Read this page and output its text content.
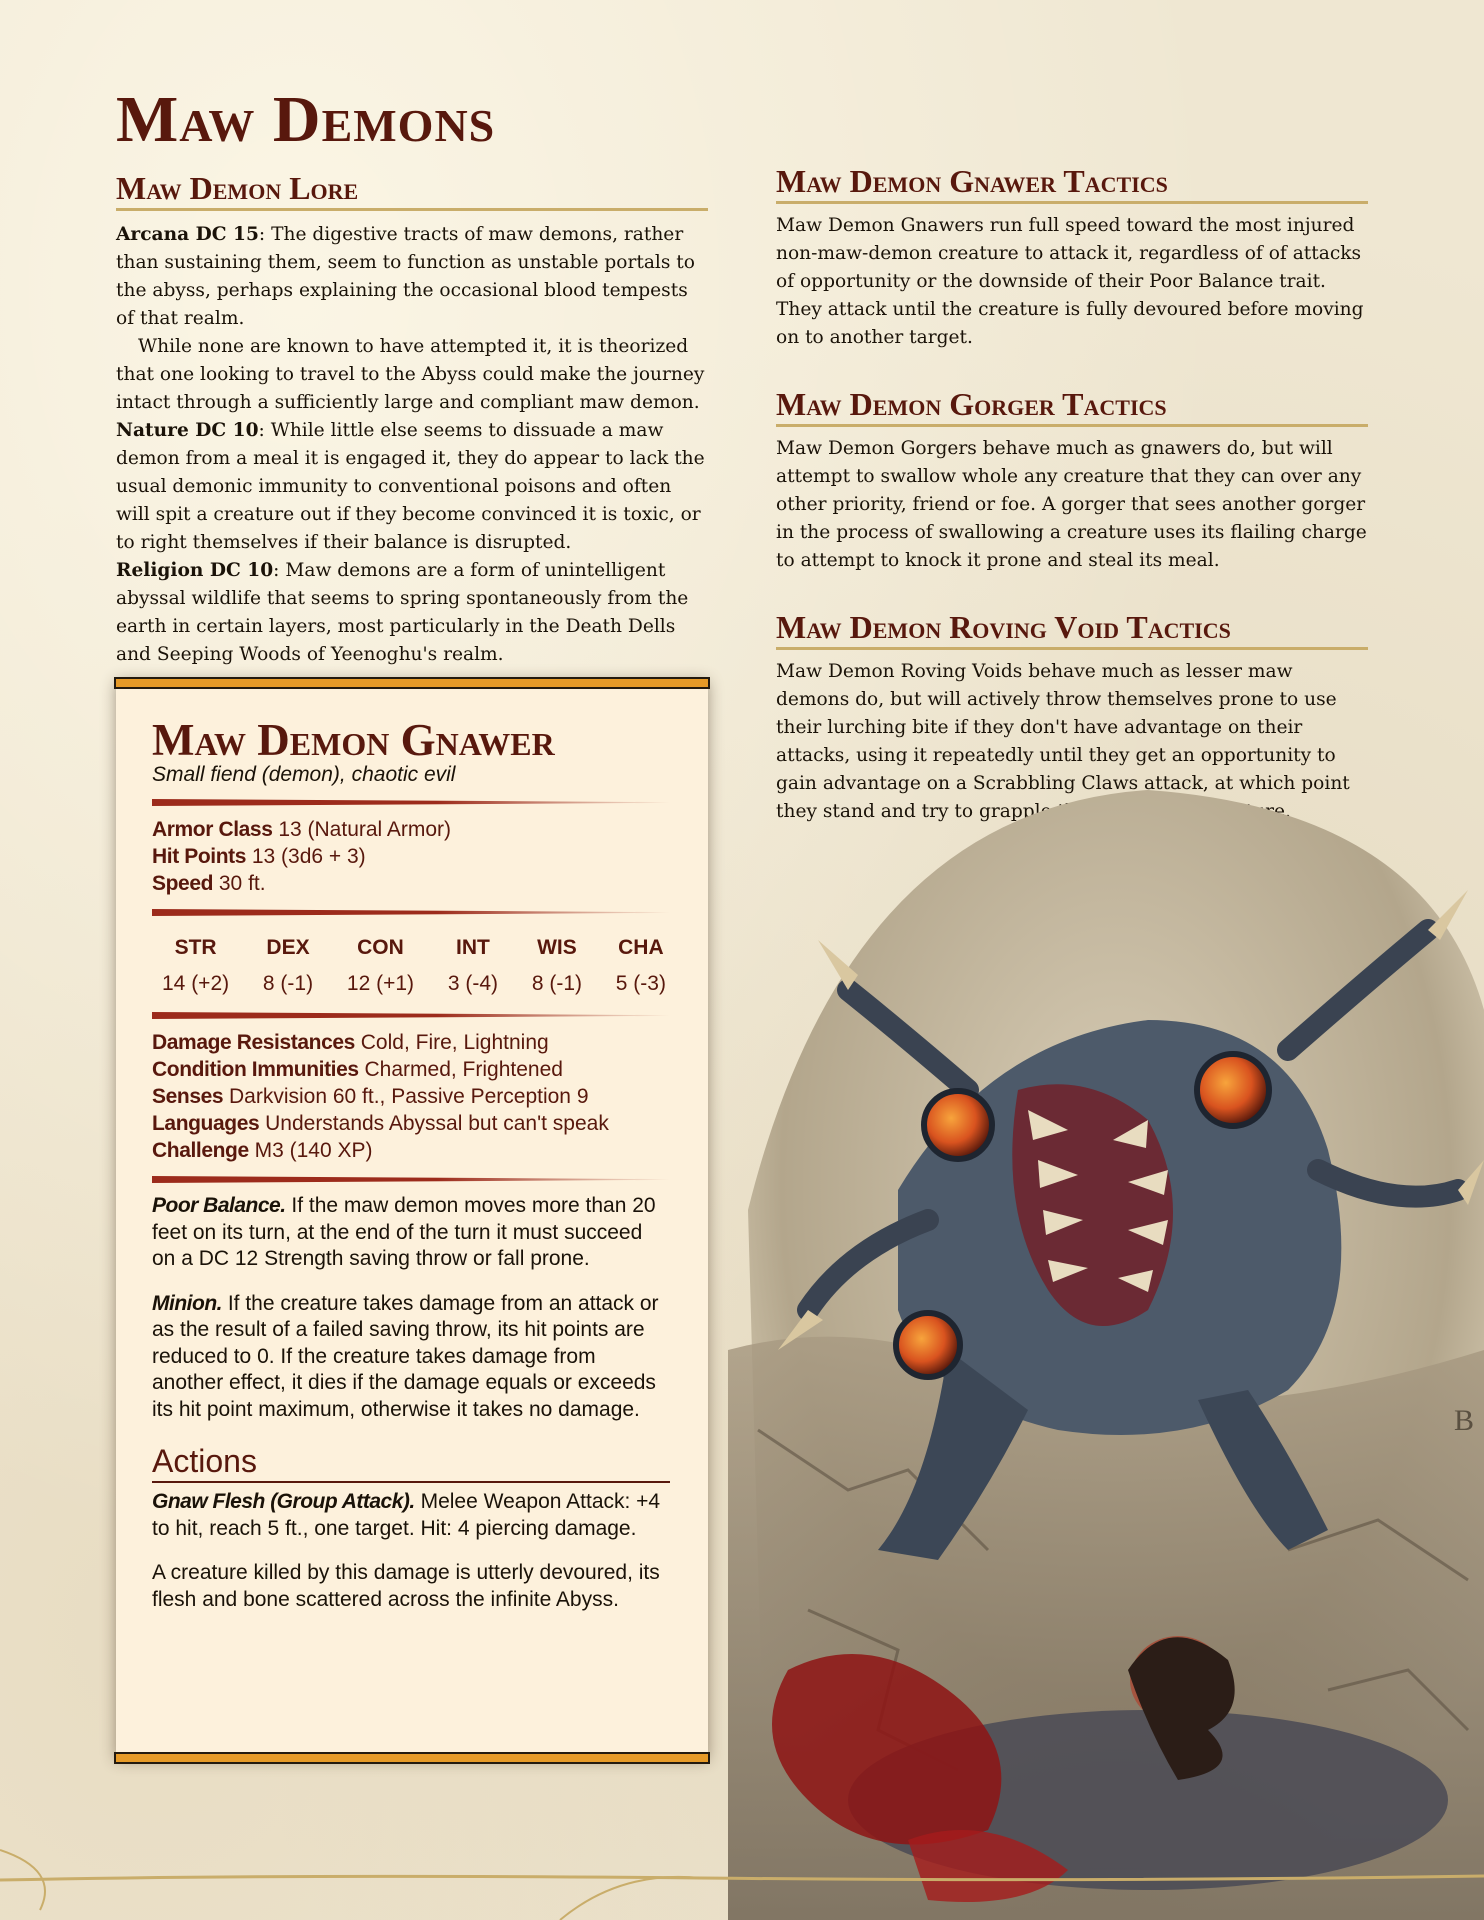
Maw Demons
Maw Demon Lore

Arcana DC 15: The digestive tracts of maw demons, rather than sustaining them, seem to function as unstable portals to the abyss, perhaps explaining the occasional blood tempests of that realm.

While none are known to have attempted it, it is theorized that one looking to travel to the Abyss could make the journey intact through a sufficiently large and compliant maw demon.

Nature DC 10: While little else seems to dissuade a maw demon from a meal it is engaged it, they do appear to lack the usual demonic immunity to conventional poisons and often will spit a creature out if they become convinced it is toxic, or to right themselves if their balance is disrupted.

Religion DC 10: Maw demons are a form of unintelligent abyssal wildlife that seems to spring spontaneously from the earth in certain layers, most particularly in the Death Dells and Seeping Woods of Yeenoghu's realm.

Maw Demon Gnawer Tactics

Maw Demon Gnawers run full speed toward the most injured non-maw-demon creature to attack it, regardless of of attacks of opportunity or the downside of their Poor Balance trait. They attack until the creature is fully devoured before moving on to another target.

Maw Demon Gorger Tactics

Maw Demon Gorgers behave much as gnawers do, but will attempt to swallow whole any creature that they can over any other priority, friend or foe. A gorger that sees another gorger in the process of swallowing a creature uses its flailing charge to attempt to knock it prone and steal its meal.

Maw Demon Roving Void Tactics

Maw Demon Roving Voids behave much as lesser maw demons do, but will actively throw themselves prone to use their lurching bite if they don't have advantage on their attacks, using it repeatedly until they get an opportunity to gain advantage on a Scrabbling Claws attack, at which point they stand and try to grapple then swallow a creature.

Maw Demon Gnawer
Small fiend (demon), chaotic evil
Armor Class 13 (Natural Armor)
Hit Points 13 (3d6 + 3)
Speed 30 ft.
STR
14 (+2)
DEX
8 (-1)
CON
12 (+1)
INT
3 (-4)
WIS
8 (-1)
CHA
5 (-3)
Damage Resistances Cold, Fire, Lightning
Condition Immunities Charmed, Frightened
Senses Darkvision 60 ft., Passive Perception 9
Languages Understands Abyssal but can't speak
Challenge M3 (140 XP)

Poor Balance. If the maw demon moves more than 20 feet on its turn, at the end of the turn it must succeed on a DC 12 Strength saving throw or fall prone.

Minion. If the creature takes damage from an attack or as the result of a failed saving throw, its hit points are reduced to 0. If the creature takes damage from another effect, it dies if the damage equals or exceeds its hit point maximum, otherwise it takes no damage.

Actions

Gnaw Flesh (Group Attack). Melee Weapon Attack: +4 to hit, reach 5 ft., one target. Hit: 4 piercing damage.

A creature killed by this damage is utterly devoured, its flesh and bone scattered across the infinite Abyss.

B
